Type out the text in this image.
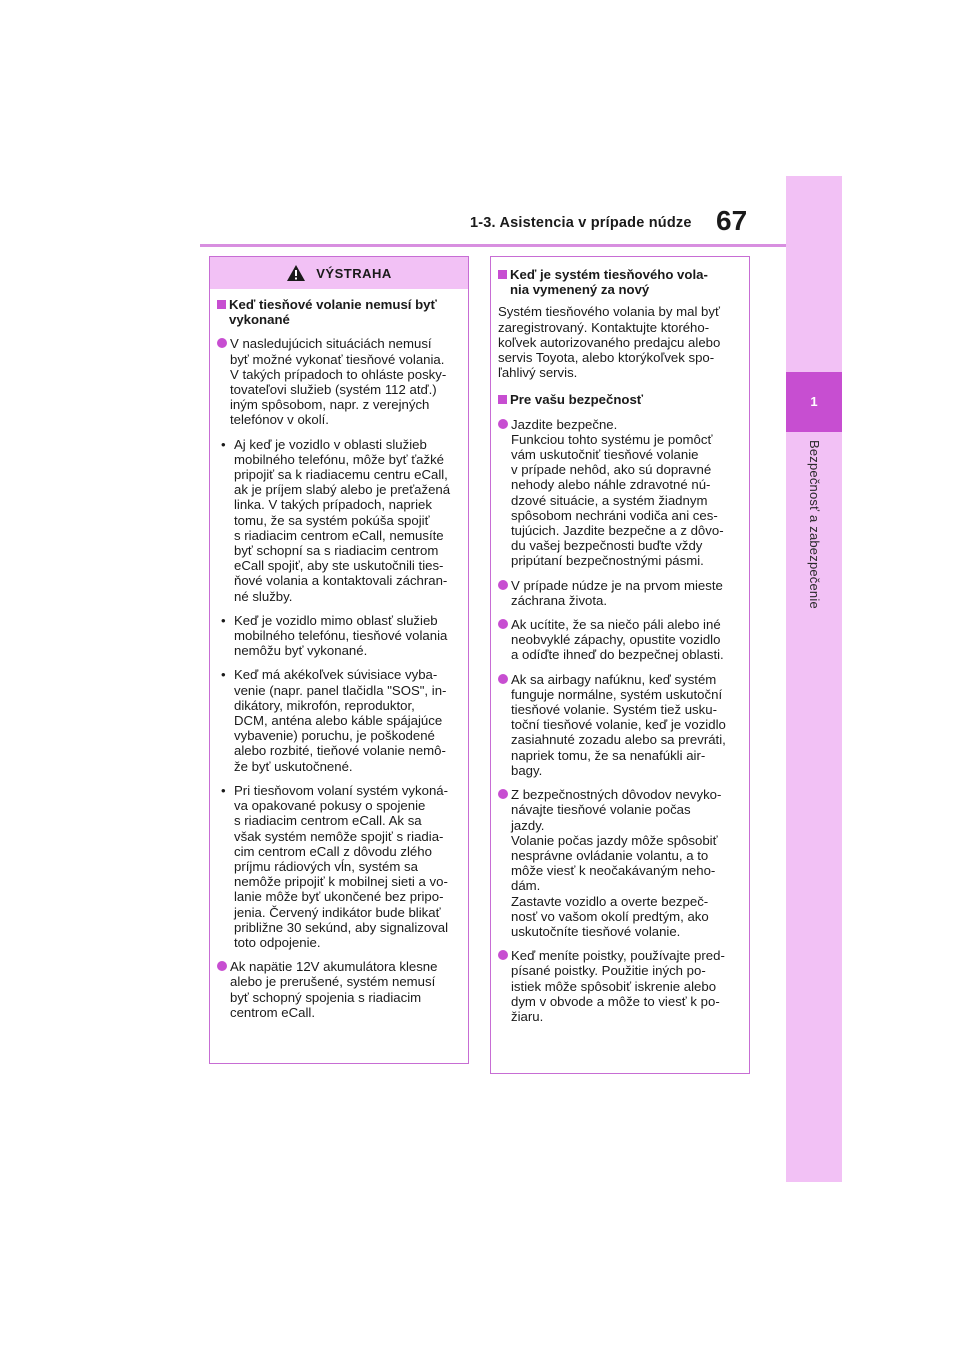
1-3. Asistencia v prípade núdze 67
1
Bezpečnosť a zabezpečenie
VÝSTRAHA
Keď tiesňové volanie nemusí byť
vykonané
V nasledujúcich situáciách nemusí
byť možné vykonať tiesňové volania.
V takých prípadoch to ohláste posky-
tovateľovi služieb (systém 112 atď.)
iným spôsobom, napr. z verejných
telefónov v okolí.
• Aj keď je vozidlo v oblasti služieb
mobilného telefónu, môže byť ťažké
pripojiť sa k riadiacemu centru eCall,
ak je príjem slabý alebo je preťažená
linka. V takých prípadoch, napriek
tomu, že sa systém pokúša spojiť
s riadiacim centrom eCall, nemusíte
byť schopní sa s riadiacim centrom
eCall spojiť, aby ste uskutočnili ties-
ňové volania a kontaktovali záchran-
né služby.
• Keď je vozidlo mimo oblasť služieb
mobilného telefónu, tiesňové volania
nemôžu byť vykonané.
• Keď má akékoľvek súvisiace vyba-
venie (napr. panel tlačidla "SOS", in-
dikátory, mikrofón, reproduktor,
DCM, anténa alebo káble spájajúce
vybavenie) poruchu, je poškodené
alebo rozbité, tieňové volanie nemô-
že byť uskutočnené.
• Pri tiesňovom volaní systém vykoná-
va opakované pokusy o spojenie
s riadiacim centrom eCall. Ak sa
však systém nemôže spojiť s riadia-
cim centrom eCall z dôvodu zlého
príjmu rádiových vĺn, systém sa
nemôže pripojiť k mobilnej sieti a vo-
lanie môže byť ukončené bez pripo-
jenia. Červený indikátor bude blikať
približne 30 sekúnd, aby signalizoval
toto odpojenie.
Ak napätie 12V akumulátora klesne
alebo je prerušené, systém nemusí
byť schopný spojenia s riadiacim
centrom eCall.
Keď je systém tiesňového vola-
nia vymenený za nový
Systém tiesňového volania by mal byť
zaregistrovaný. Kontaktujte ktorého-
koľvek autorizovaného predajcu alebo
servis Toyota, alebo ktorýkoľvek spo-
ľahlivý servis.
Pre vašu bezpečnosť
Jazdite bezpečne.
Funkciou tohto systému je pomôcť
vám uskutočniť tiesňové volanie
v prípade nehôd, ako sú dopravné
nehody alebo náhle zdravotné nú-
dzové situácie, a systém žiadnym
spôsobom nechráni vodiča ani ces-
tujúcich. Jazdite bezpečne a z dôvo-
du vašej bezpečnosti buďte vždy
pripútaní bezpečnostnými pásmi.
V prípade núdze je na prvom mieste
záchrana života.
Ak ucítite, že sa niečo páli alebo iné
neobvyklé zápachy, opustite vozidlo
a odíďte ihneď do bezpečnej oblasti.
Ak sa airbagy nafúknu, keď systém
funguje normálne, systém uskutoční
tiesňové volanie. Systém tiež usku-
toční tiesňové volanie, keď je vozidlo
zasiahnuté zozadu alebo sa prevráti,
napriek tomu, že sa nenafúkli air-
bagy.
Z bezpečnostných dôvodov nevyko-
návajte tiesňové volanie počas
jazdy.
Volanie počas jazdy môže spôsobiť
nesprávne ovládanie volantu, a to
môže viesť k neočakávaným neho-
dám.
Zastavte vozidlo a overte bezpeč-
nosť vo vašom okolí predtým, ako
uskutočníte tiesňové volanie.
Keď meníte poistky, používajte pred-
písané poistky. Použitie iných po-
istiek môže spôsobiť iskrenie alebo
dym v obvode a môže to viesť k po-
žiaru.
